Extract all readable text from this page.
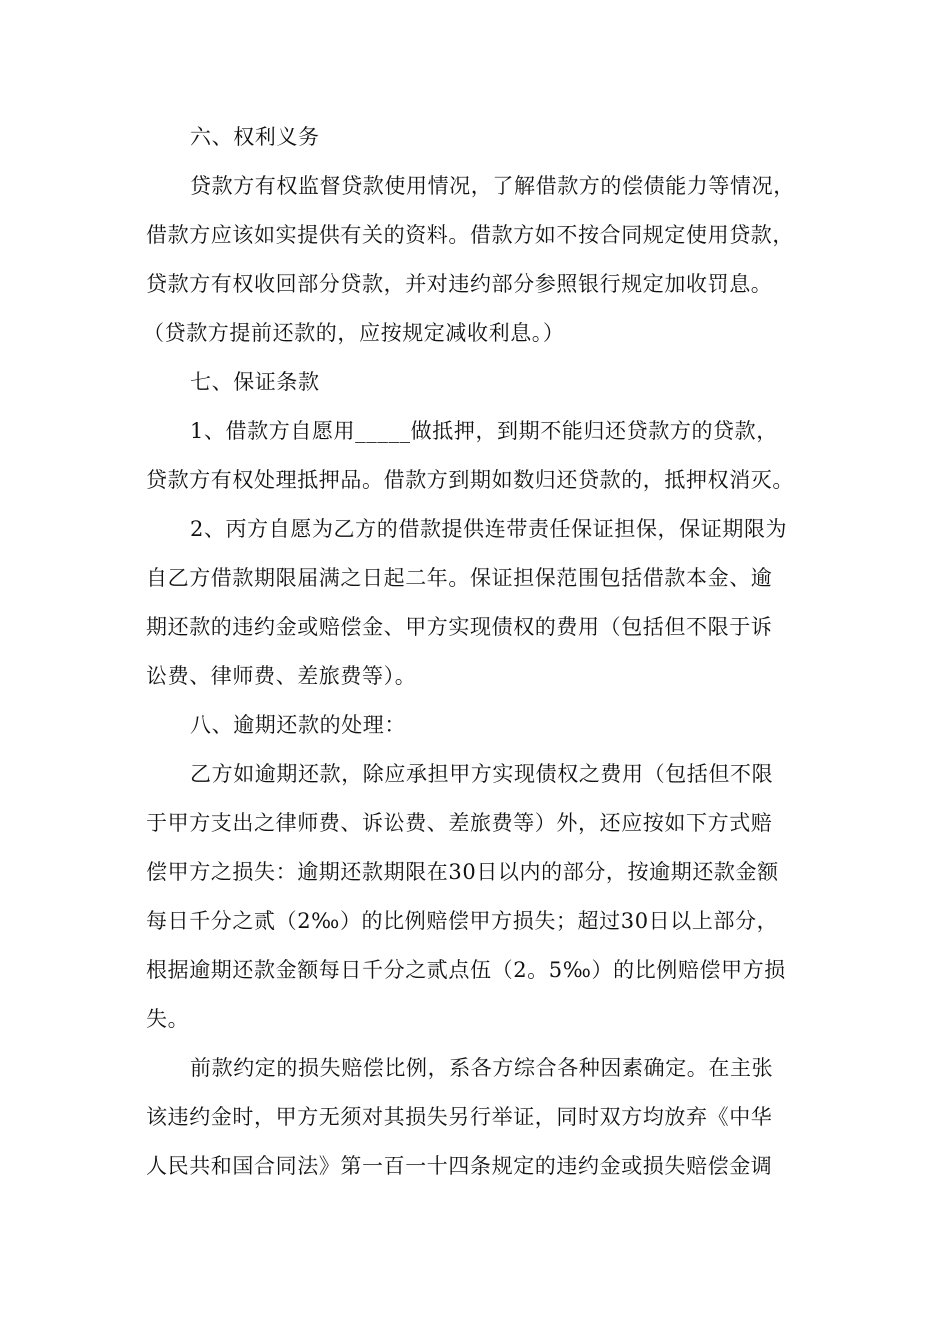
六、权利义务
贷款方有权监督贷款使用情况，了解借款方的偿债能力等情况，
借款方应该如实提供有关的资料。借款方如不按合同规定使用贷款，
贷款方有权收回部分贷款，并对违约部分参照银行规定加收罚息。
（贷款方提前还款的，应按规定减收利息。）
七、保证条款
1、借款方自愿用_____做抵押，到期不能归还贷款方的贷款，
贷款方有权处理抵押品。借款方到期如数归还贷款的，抵押权消灭。
2、丙方自愿为乙方的借款提供连带责任保证担保，保证期限为
自乙方借款期限届满之日起二年。保证担保范围包括借款本金、逾
期还款的违约金或赔偿金、甲方实现债权的费用（包括但不限于诉
讼费、律师费、差旅费等）。
八、逾期还款的处理：
乙方如逾期还款，除应承担甲方实现债权之费用（包括但不限
于甲方支出之律师费、诉讼费、差旅费等）外，还应按如下方式赔
偿甲方之损失：逾期还款期限在30日以内的部分，按逾期还款金额
每日千分之贰（2‰）的比例赔偿甲方损失；超过30日以上部分，
根据逾期还款金额每日千分之贰点伍（2。5‰）的比例赔偿甲方损
失。
前款约定的损失赔偿比例，系各方综合各种因素确定。在主张
该违约金时，甲方无须对其损失另行举证，同时双方均放弃《中华
人民共和国合同法》第一百一十四条规定的违约金或损失赔偿金调
